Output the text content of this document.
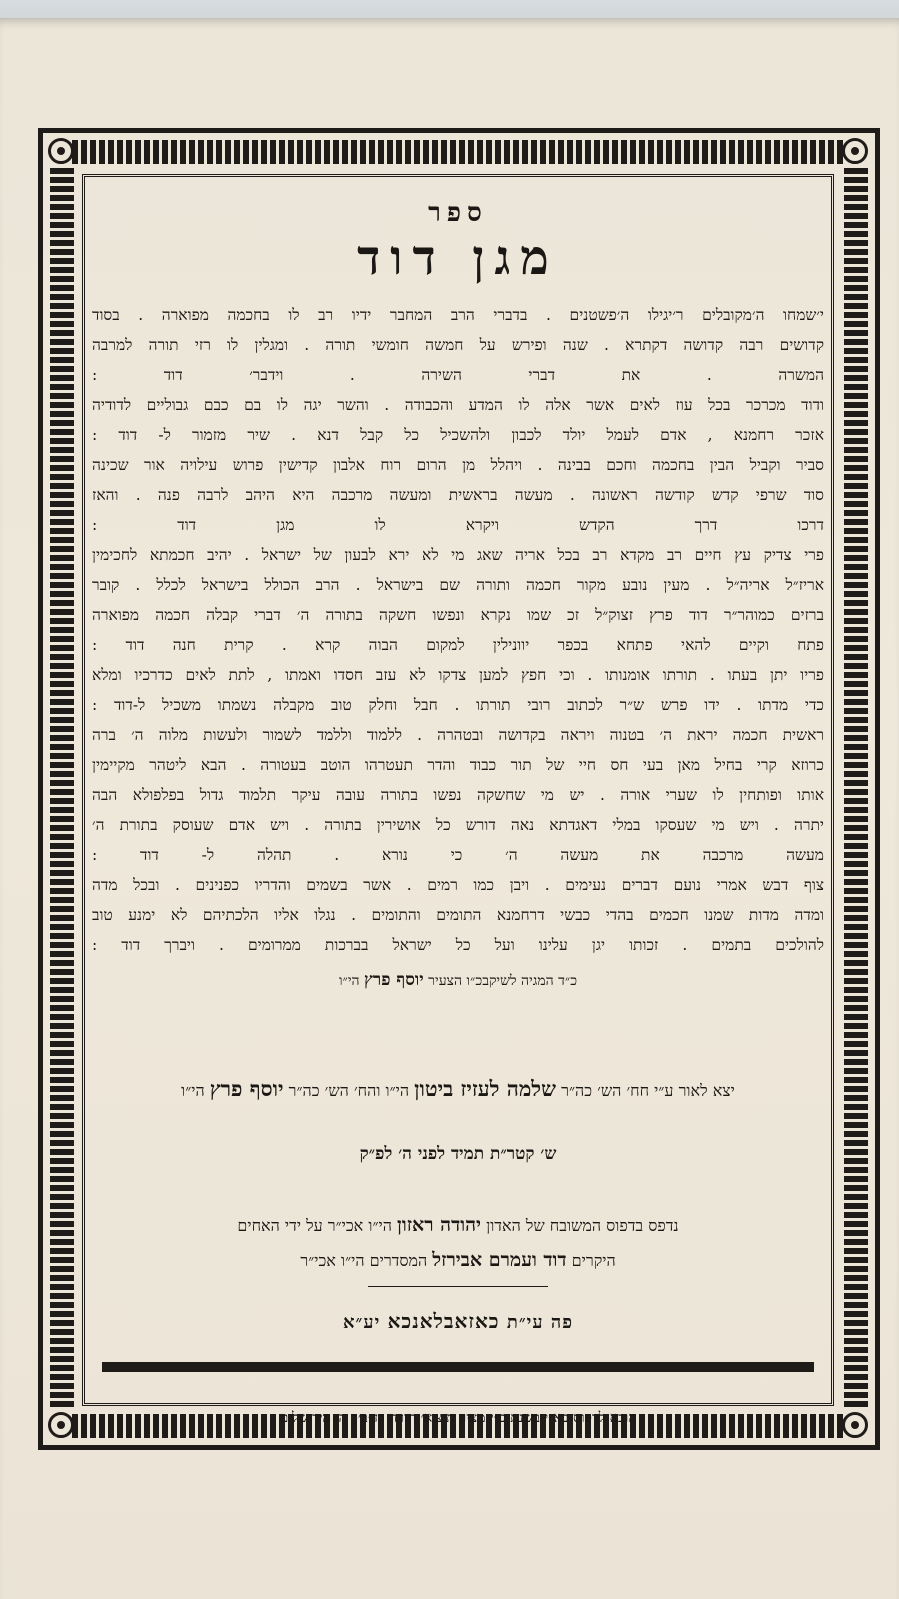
ספר
מגן דוד
י׳שמחו ה׳מקובלים ר׳יגילו ה׳פשטנים . בדברי הרב המחבר ידיו רב לו בחכמה מפוארה . בסוד
קדושים רבה קדושה דקתרא . שנה ופירש על חמשה חומשי תורה . ומגלין לו רזי תורה למרבה
המשרה . את דברי השירה . וידבר׳ דוד :
ודוד מכרכר בכל עוז לאים אשר אלה לו המדע והכבודה . והשר יגה לו בם כבם גבוליים לדודיה
אזכר רחמנא , אדם לעמל יולד לכבון ולהשכיל כל קבל דנא . שיר מזמור ל- דוד :
סביר וקביל הבין בחכמה וחכם בבינה . ויהלל מן הרום רוח אלבון קדישין פרוש עילויה אור שכינה
סוד שרפי קדש קודשה ראשונה . מעשה בראשית ומעשה מרכבה היא היהב לרבה פנה . והאז
דרכו דרך הקדש ויקרא לו מגן דוד :
פרי צדיק עץ חיים רב מקדא רב בכל אריה שאג מי לא ירא לבעון של ישראל . יהיב חכמתא לחכימין
אריז״ל אריה״ל . מעין נובע מקור חכמה ותורה שם בישראל . הרב הכולל בישראל לכלל . קובר
ברזים כמוהר״ר דוד פרץ זצוק״ל זכ שמו נקרא ונפשו חשקה בתורה ה׳ דברי קבלה חכמה מפוארה
פתח וקיים להאי פתחא בכפר יוונילין למקום הבוה קרא . קרית חנה דוד :
פריו יתן בעתו . תורתו אומנותו . וכי חפץ למען צדקו לא עזב חסדו ואמתו , לתת לאים כדרכיו ומלא
כדי מדתו . ידו פרש ש״ר לכתוב רובי תורתו . חבל וחלק טוב מקבלה נשמתו משכיל ל-דוד :
ראשית חכמה יראת ה׳ בטנוה ויראה בקדושה ובטהרה . ללמוד וללמד לשמור ולעשות מלוה ה׳ ברה
כרוזא קרי בחיל מאן בעי חס חיי של תור כבוד והדר תעטרהו הוטב בעטורה . הבא ליטהר מקיימין
אותו ופותחין לו שערי אורה . יש מי שחשקה נפשו בתורה עובה עיקר תלמוד גדול בפלפולא הבה
יתרה . ויש מי שעסקו במלי דאגדתא נאה דורש כל אושירין בתורה . ויש אדם שעוסק בתורת ה׳
מעשה מרכבה את מעשה ה׳ כי נורא . תהלה ל- דוד :
צוף דבש אמרי נועם דברים נעימים . ויבן כמו רמים . אשר בשמים והדריו כפנינים . ובכל מדה
ומדה מדות שמנו חכמים בהדי כבשי דרחמנא התומים והתומים . נגלו אליו הלכתיהם לא ימנע טוב
להולכים בתמים . זכותו יגן עלינו ועל כל ישראל בברכות ממרומים . ויברך דוד :
כ״ד המגיה לשיקבכ״ו הצעיר יוסף פרץ הי״ו
יצא לאור ע״י חח׳ הש׳ כה״ר שלמה לעזיז ביטון הי״ו והח׳ הש׳ כה״ר יוסף פרץ הי״ו
ש׳ קטר״ת תמיד לפני ה׳ לפ״ק
נדפס בדפוס המשובח של האדון יהודה ראזון הי״ו אכי״ר על ידי האחים
היקרים דוד ועמרם אבירזל המסדרים הי״ו אכי״ר
פה עי״ת כאזאבלאנכא יע״א
הובא לדפוס בא״י בשנת כ״י מציון ת׳צ׳א׳ תורה ו׳ד׳ב׳ר ה׳ מירושלים
